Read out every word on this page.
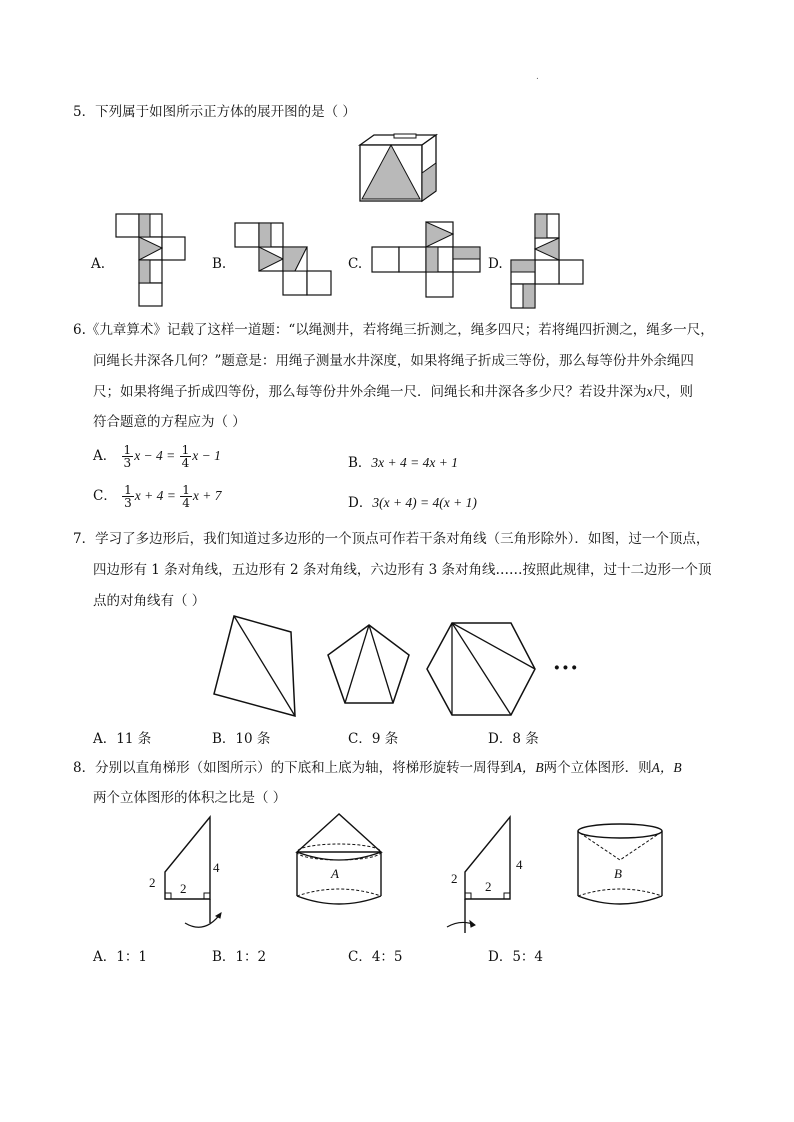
.
5．下列属于如图所示正方体的展开图的是（ ）
A.	B.	C.	D.
6.《九章算术》记载了这样一道题：“以绳测井，若将绳三折测之，绳多四尺；若将绳四折测之，绳多一尺，
问绳长井深各几何？”题意是：用绳子测量水井深度，如果将绳子折成三等份，那么每等份井外余绳四
尺；如果将绳子折成四等份，那么每等份井外余绳一尺．问绳长和井深各多少尺？若设井深为x尺，则
符合题意的方程应为（ ）
A． $\frac{1}{3}$ $x - 4 = \frac{1}{4}$ x − 1	B．3x + 4 = 4x + 1
C． $\frac{1}{3}$ $x + 4 = \frac{1}{4}$ x + 7	D．3(x + 4) = 4(x + 1)
7．学习了多边形后，我们知道过多边形的一个顶点可作若干条对角线（三角形除外）．如图，过一个顶点，
四边形有 1 条对角线，五边形有 2 条对角线，六边形有 3 条对角线……按照此规律，过十二边形一个顶
点的对角线有（ ）
···
A．11 条	B．10 条	C．9 条	D．8 条
8．分别以直角梯形（如图所示）的下底和上底为轴，将梯形旋转一周得到A，B两个立体图形．则A，B
两个立体图形的体积之比是（ ）
2 2
4	A	2
2
4
B
A．1：1	B．1：2	C．4：5	D．5：4
